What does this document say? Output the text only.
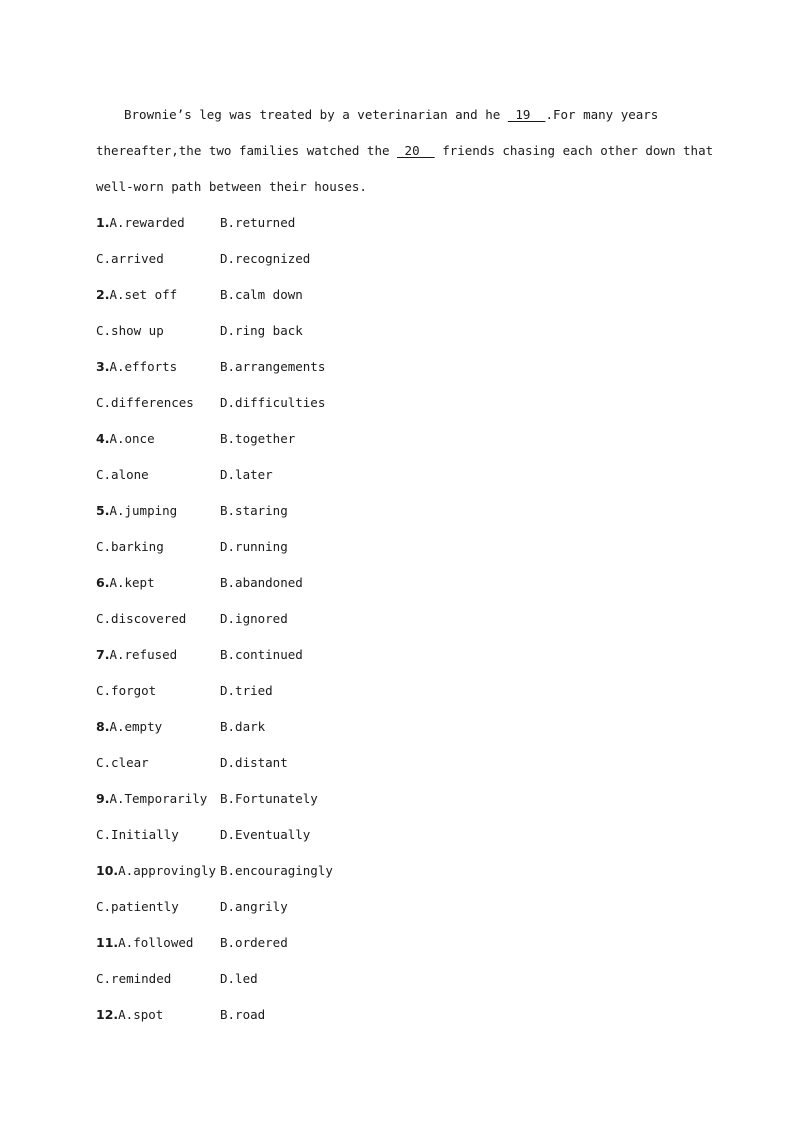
Brownie’s leg was treated by a veterinarian and he  19  .For many years
thereafter,the two families watched the  20   friends chasing each other down that
well-worn path between their houses.
1.A.rewarded	B.returned
C.arrived	D.recognized
2.A.set off	B.calm down
C.show up	D.ring back
3.A.efforts	B.arrangements
C.differences D.difficulties
4.A.once	B.together
C.alone	D.later
5.A.jumping	B.staring
C.barking	D.running
6.A.kept	B.abandoned
C.discovered	D.ignored
7.A.refused	B.continued
C.forgot	D.tried
8.A.empty	B.dark
C.clear	D.distant
9.A.Temporarily B.Fortunately
C.Initially	D.Eventually
10.A.approvingly B.encouragingly
C.patiently	D.angrily
11.A.followed B.ordered
C.reminded	D.led
12.A.spot	B.road
